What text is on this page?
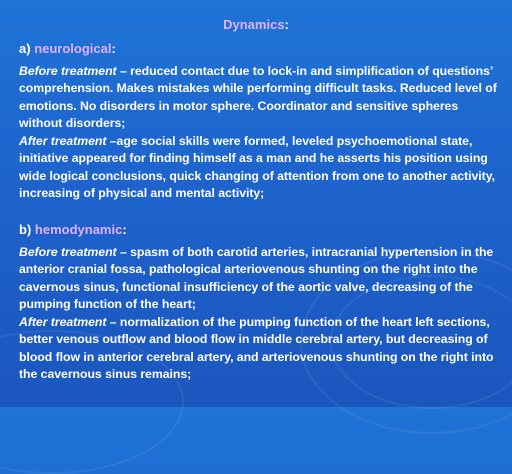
Dynamics:
a) neurological:
Before treatment – reduced contact due to lock-in and simplification of questions’ comprehension. Makes mistakes while performing difficult tasks. Reduced level of emotions. No disorders in motor sphere. Coordinator and sensitive spheres without disorders;
After treatment –age social skills were formed, leveled psychoemotional state, initiative appeared for finding himself as a man and he asserts his position using wide logical conclusions, quick changing of attention from one to another activity, increasing of physical and mental activity;
b) hemodynamic:
Before treatment – spasm of both carotid arteries, intracranial hypertension in the anterior cranial fossa, pathological arteriovenous shunting on the right into the cavernous sinus, functional insufficiency of the aortic valve, decreasing of the pumping function of the heart;
After treatment – normalization of the pumping function of the heart left sections, better venous outflow and blood flow in middle cerebral artery, but decreasing of blood flow in anterior cerebral artery, and arteriovenous shunting on the right into the cavernous sinus remains;
